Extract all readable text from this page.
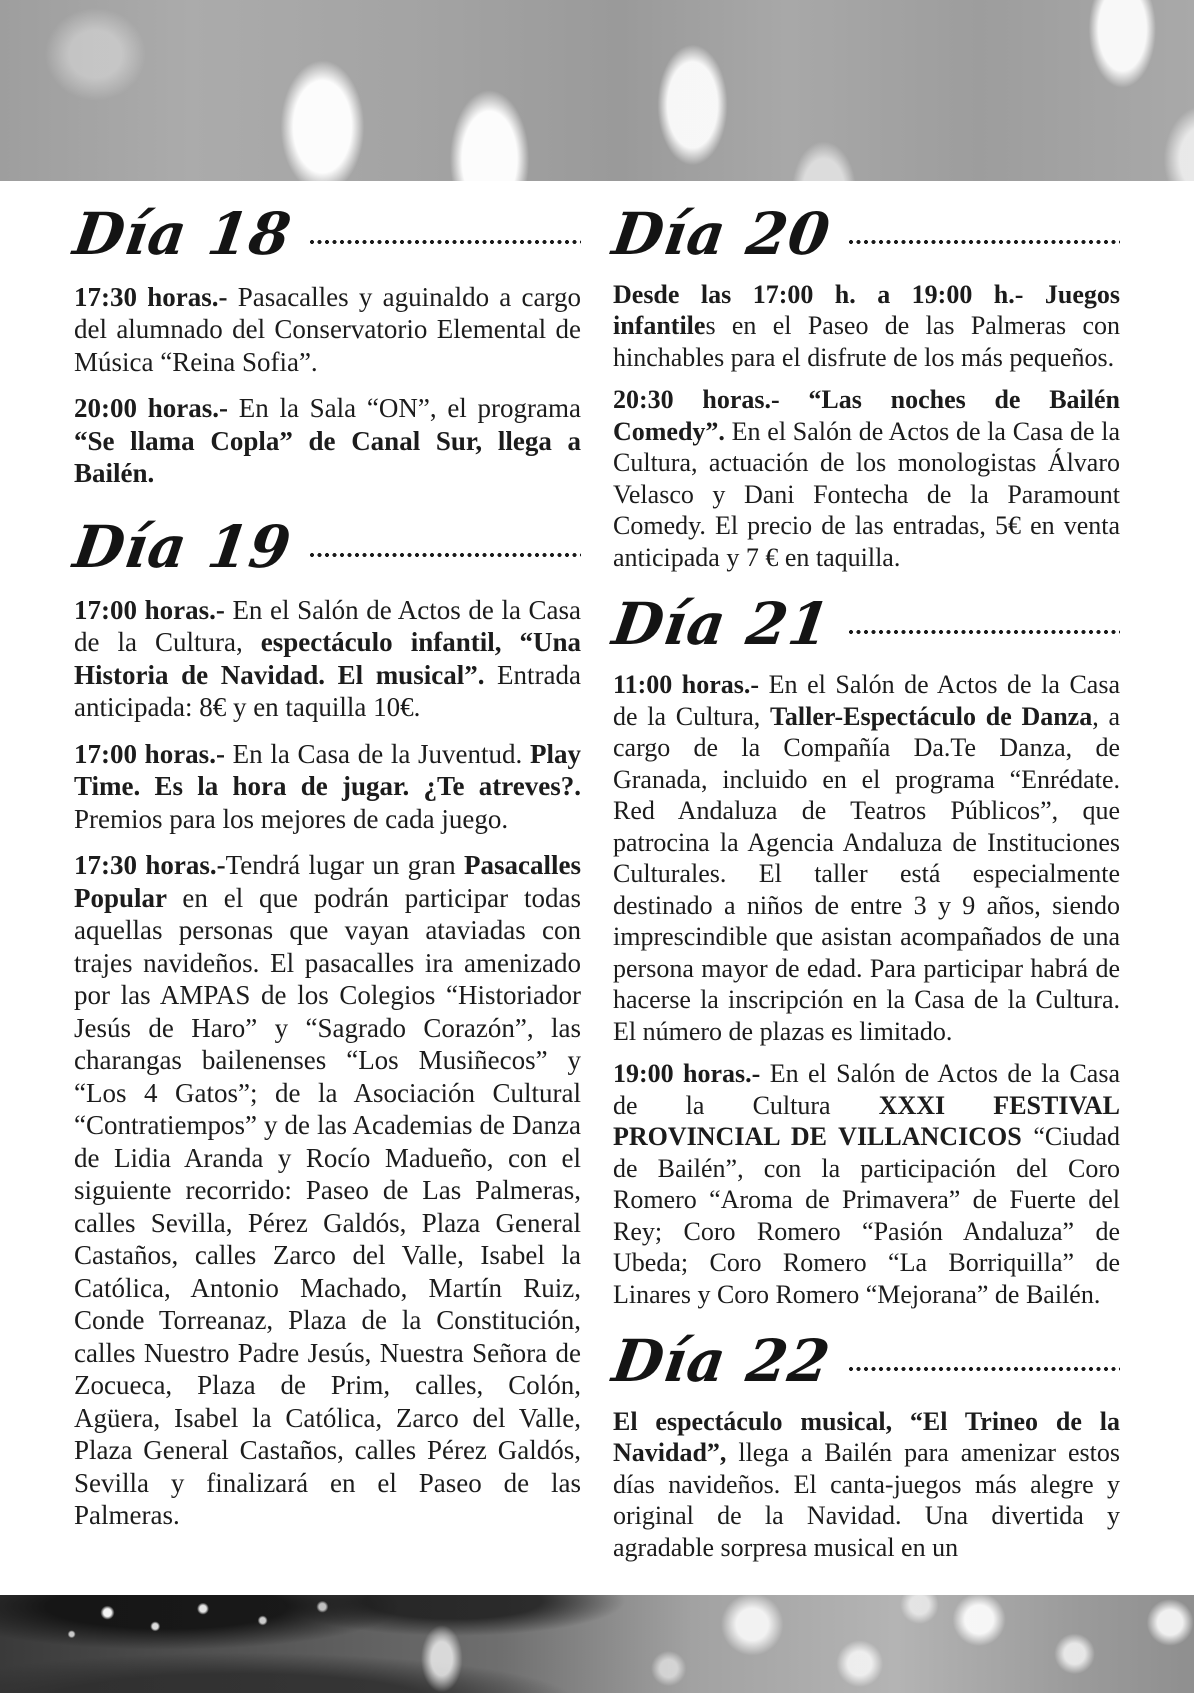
Día 18

17:30 horas.- Pasacalles y aguinaldo a cargo del alumnado del Conservatorio Elemental de Música “Reina Sofia”.

20:00 horas.- En la Sala “ON”, el programa “Se llama Copla” de Canal Sur, llega a Bailén.

Día 19

17:00 horas.- En el Salón de Actos de la Casa de la Cultura, espectáculo infantil, “Una Historia de Navidad. El musical”. Entrada anticipada: 8€ y en taquilla 10€.

17:00 horas.- En la Casa de la Juventud. Play Time. Es la hora de jugar. ¿Te atreves?. Premios para los mejores de cada juego.

17:30 horas.-Tendrá lugar un gran Pasacalles Popular en el que podrán participar todas aquellas personas que vayan ataviadas con trajes navideños. El pasacalles ira amenizado por las AMPAS de los Colegios “Historiador Jesús de Haro” y “Sagrado Corazón”, las charangas bailenenses “Los Musiñecos” y “Los 4 Gatos”; de la Asociación Cultural “Contratiempos” y de las Academias de Danza de Lidia Aranda y Rocío Madueño, con el siguiente recorrido: Paseo de Las Palmeras, calles Sevilla, Pérez Galdós, Plaza General Castaños, calles Zarco del Valle, Isabel la Católica, Antonio Machado, Martín Ruiz, Conde Torreanaz, Plaza de la Constitución, calles Nuestro Padre Jesús, Nuestra Señora de Zocueca, Plaza de Prim, calles, Colón, Agüera, Isabel la Católica, Zarco del Valle, Plaza General Castaños, calles Pérez Galdós, Sevilla y finalizará en el Paseo de las Palmeras.

Día 20

Desde las 17:00 h. a 19:00 h.- Juegos infantiles en el Paseo de las Palmeras con hinchables para el disfrute de los más pequeños.

20:30 horas.- “Las noches de Bailén Comedy”. En el Salón de Actos de la Casa de la Cultura, actuación de los monologistas Álvaro Velasco y Dani Fontecha de la Paramount Comedy. El precio de las entradas, 5€ en venta anticipada y 7 € en taquilla.

Día 21

11:00 horas.- En el Salón de Actos de la Casa de la Cultura, Taller-Espectáculo de Danza, a cargo de la Compañía Da.Te Danza, de Granada, incluido en el programa “Enrédate. Red Andaluza de Teatros Públicos”, que patrocina la Agencia Andaluza de Instituciones Culturales. El taller está especialmente destinado a niños de entre 3 y 9 años, siendo imprescindible que asistan acompañados de una persona mayor de edad. Para participar habrá de hacerse la inscripción en la Casa de la Cultura. El número de plazas es limitado.

19:00 horas.- En el Salón de Actos de la Casa de la Cultura XXXI FESTIVAL PROVINCIAL DE VILLANCICOS “Ciudad de Bailén”, con la participación del Coro Romero “Aroma de Primavera” de Fuerte del Rey; Coro Romero “Pasión Andaluza” de Ubeda; Coro Romero “La Borriquilla” de Linares y Coro Romero “Mejorana” de Bailén.

Día 22

El espectáculo musical, “El Trineo de la Navidad”, llega a Bailén para amenizar estos días navideños. El canta-juegos más alegre y original de la Navidad. Una divertida y agradable sorpresa musical en un
